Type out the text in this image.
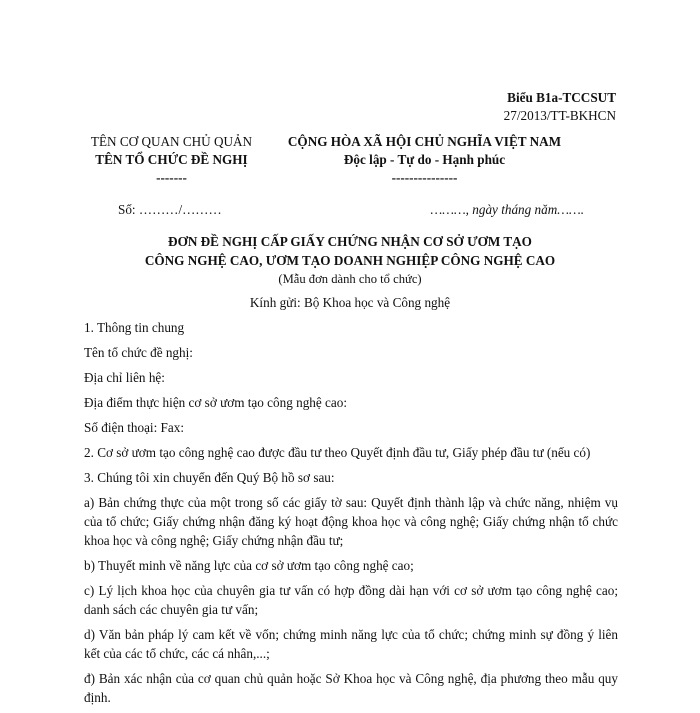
Biểu B1a-TCCSUT
27/2013/TT-BKHCN
TÊN CƠ QUAN CHỦ QUẢN
TÊN TỔ CHỨC ĐỀ NGHỊ
-------
CỘNG HÒA XÃ HỘI CHỦ NGHĨA VIỆT NAM
Độc lập - Tự do - Hạnh phúc
---------------
Số: ………/………	………, ngày tháng năm…….
ĐƠN ĐỀ NGHỊ CẤP GIẤY CHỨNG NHẬN CƠ SỞ ƯƠM TẠO
CÔNG NGHỆ CAO, ƯƠM TẠO DOANH NGHIỆP CÔNG NGHỆ CAO
(Mẫu đơn dành cho tổ chức)
Kính gửi: Bộ Khoa học và Công nghệ

1. Thông tin chung

Tên tổ chức đề nghị:

Địa chỉ liên hệ:

Địa điểm thực hiện cơ sở ươm tạo công nghệ cao:

Số điện thoại: Fax:

2. Cơ sở ươm tạo công nghệ cao được đầu tư theo Quyết định đầu tư, Giấy phép đầu tư (nếu có)

3. Chúng tôi xin chuyển đến Quý Bộ hồ sơ sau:

a) Bản chứng thực của một trong số các giấy tờ sau: Quyết định thành lập và chức năng, nhiệm vụ của tổ chức; Giấy chứng nhận đăng ký hoạt động khoa học và công nghệ; Giấy chứng nhận tổ chức khoa học và công nghệ; Giấy chứng nhận đầu tư;

b) Thuyết minh về năng lực của cơ sở ươm tạo công nghệ cao;

c) Lý lịch khoa học của chuyên gia tư vấn có hợp đồng dài hạn với cơ sở ươm tạo công nghệ cao; danh sách các chuyên gia tư vấn;

d) Văn bản pháp lý cam kết về vốn; chứng minh năng lực của tổ chức; chứng minh sự đồng ý liên kết của các tổ chức, các cá nhân,...;

đ) Bản xác nhận của cơ quan chủ quản hoặc Sở Khoa học và Công nghệ, địa phương theo mẫu quy định.
